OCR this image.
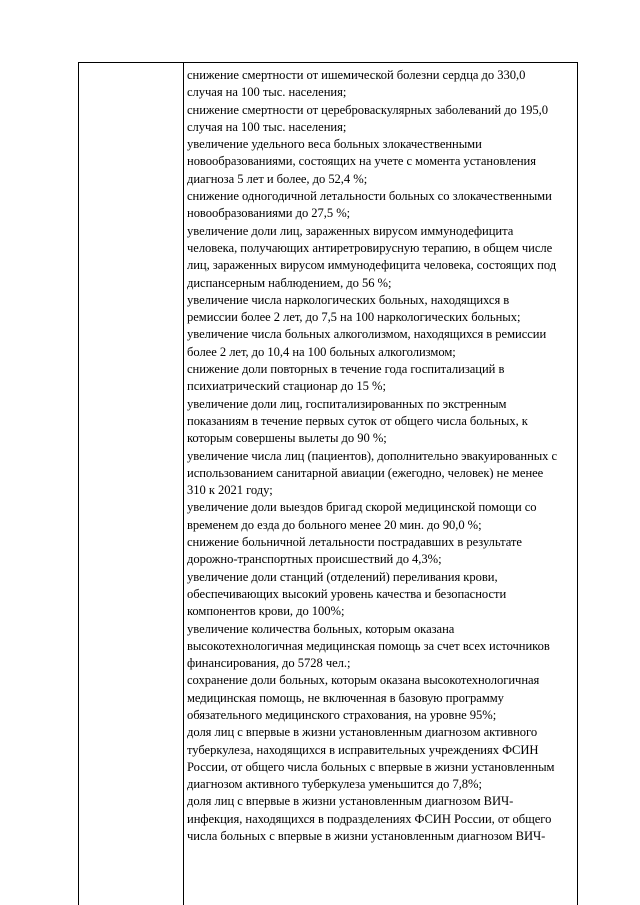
снижение смертности от ишемической болезни сердца до 330,0
случая на 100 тыс. населения;
снижение смертности от цереброваскулярных заболеваний до 195,0
случая на 100 тыс. населения;
увеличение удельного веса больных злокачественными
новообразованиями, состоящих на учете с момента установления
диагноза 5 лет и более, до 52,4 %;
снижение одногодичной летальности больных со злокачественными
новообразованиями до 27,5 %;
увеличение доли лиц, зараженных вирусом иммунодефицита
человека, получающих антиретровирусную терапию, в общем числе
лиц, зараженных вирусом иммунодефицита человека, состоящих под
диспансерным наблюдением, до 56 %;
увеличение числа наркологических больных, находящихся в
ремиссии более 2 лет, до 7,5 на 100 наркологических больных;
увеличение числа больных алкоголизмом, находящихся в ремиссии
более 2 лет, до 10,4 на 100 больных алкоголизмом;
снижение доли повторных в течение года госпитализаций в
психиатрический стационар до 15 %;
увеличение доли лиц, госпитализированных по экстренным
показаниям в течение первых суток от общего числа больных, к
которым совершены вылеты до 90 %;
увеличение числа лиц (пациентов), дополнительно эвакуированных с
использованием санитарной авиации (ежегодно, человек) не менее
310 к 2021 году;
увеличение доли выездов бригад скорой медицинской помощи со
временем до езда до больного менее 20 мин. до 90,0 %;
снижение больничной летальности пострадавших в результате
дорожно-транспортных происшествий до 4,3%;
увеличение доли станций (отделений) переливания крови,
обеспечивающих высокий уровень качества и безопасности
компонентов крови, до 100%;
увеличение количества больных, которым оказана
высокотехнологичная медицинская помощь за счет всех источников
финансирования, до 5728 чел.;
сохранение доли больных, которым оказана высокотехнологичная
медицинская помощь, не включенная в базовую программу
обязательного медицинского страхования, на уровне 95%;
доля лиц с впервые в жизни установленным диагнозом активного
туберкулеза, находящихся в исправительных учреждениях ФСИН
России, от общего числа больных с впервые в жизни установленным
диагнозом активного туберкулеза уменьшится до 7,8%;
доля лиц с впервые в жизни установленным диагнозом ВИЧ-
инфекция, находящихся в подразделениях ФСИН России, от общего
числа больных с впервые в жизни установленным диагнозом ВИЧ-
